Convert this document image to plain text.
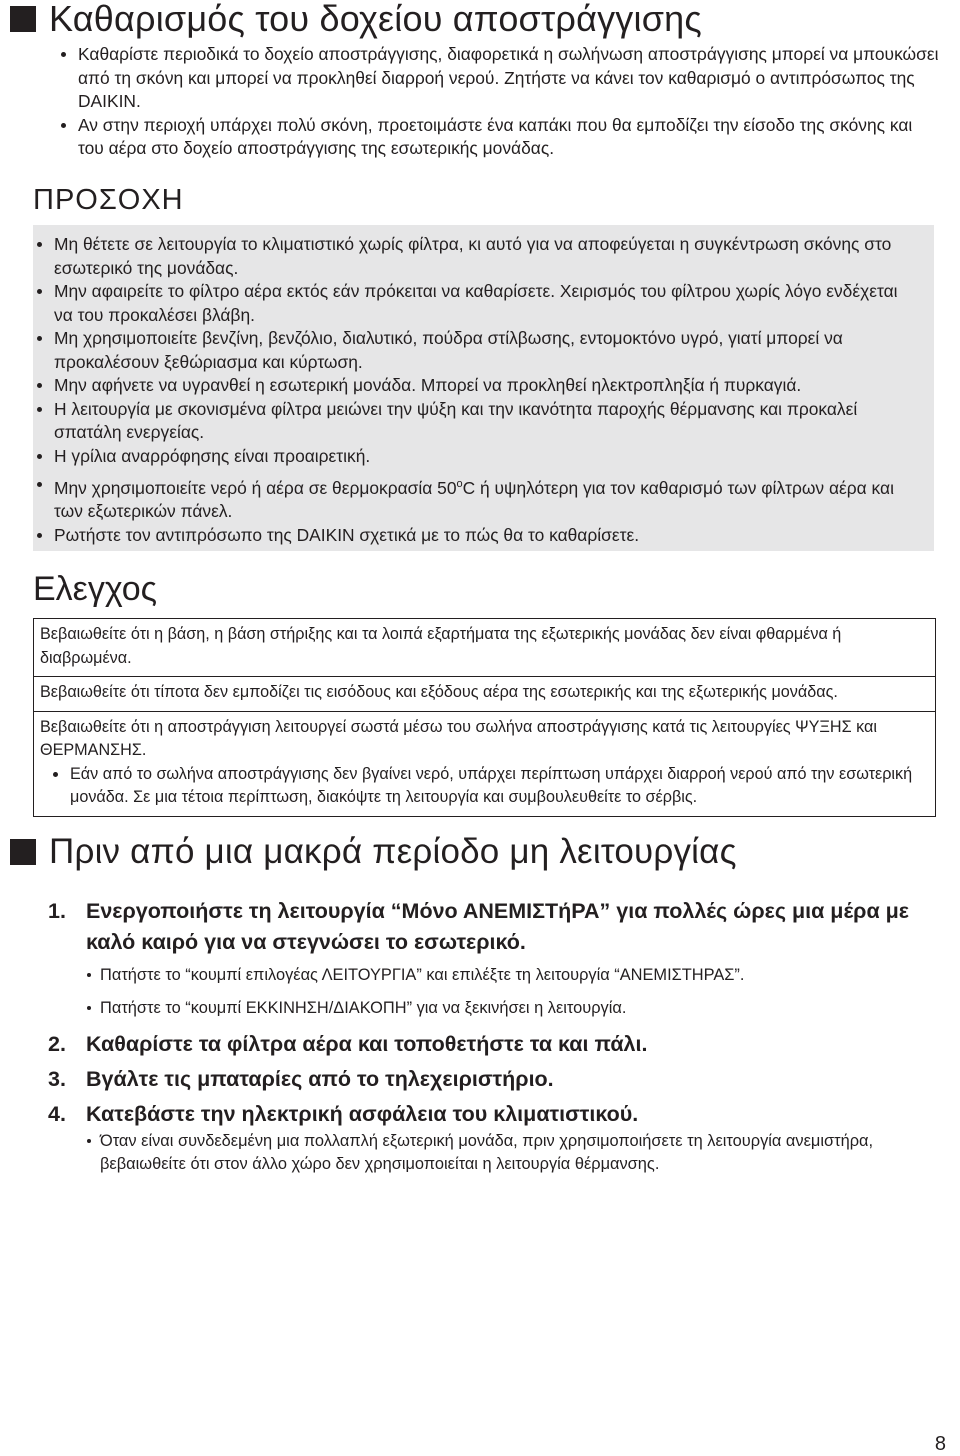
Καθαρισμός του δοχείου αποστράγγισης
Καθαρίστε περιοδικά το δοχείο αποστράγγισης, διαφορετικά η σωλήνωση αποστράγγισης μπορεί να μπουκώσει από τη σκόνη και μπορεί να προκληθεί διαρροή νερού. Ζητήστε να κάνει τον καθαρισμό ο αντιπρόσωπος της DAIKIN.
Αν στην περιοχή υπάρχει πολύ σκόνη, προετοιμάστε ένα καπάκι που θα εμποδίζει την είσοδο της σκόνης και του αέρα στο δοχείο αποστράγγισης της εσωτερικής μονάδας.
ΠΡΟΣΟΧΗ
Μη θέτετε σε λειτουργία το κλιματιστικό χωρίς φίλτρα, κι αυτό για να αποφεύγεται η συγκέντρωση σκόνης στο εσωτερικό της μονάδας.
Μην αφαιρείτε το φίλτρο αέρα εκτός εάν πρόκειται να καθαρίσετε. Χειρισμός του φίλτρου χωρίς λόγο ενδέχεται να του προκαλέσει βλάβη.
Μη χρησιμοποιείτε βενζίνη, βενζόλιο, διαλυτικό, πούδρα στίλβωσης, εντομοκτόνο υγρό, γιατί μπορεί να προκαλέσουν ξεθώριασμα και κύρτωση.
Μην αφήνετε να υγρανθεί η εσωτερική μονάδα. Μπορεί να προκληθεί ηλεκτροπληξία ή πυρκαγιά.
Η λειτουργία με σκονισμένα φίλτρα μειώνει την ψύξη και την ικανότητα παροχής θέρμανσης και προκαλεί σπατάλη ενεργείας.
Η γρίλια αναρρόφησης είναι προαιρετική.
Μην χρησιμοποιείτε νερό ή αέρα σε θερμοκρασία 50$^o$C ή υψηλότερη για τον καθαρισμό των φίλτρων αέρα και των εξωτερικών πάνελ.
Ρωτήστε τον αντιπρόσωπο της DAIKIN σχετικά με το πώς θα το καθαρίσετε.
Ελεγχος
Βεβαιωθείτε ότι η βάση, η βάση στήριξης και τα λοιπά εξαρτήματα της εξωτερικής μονάδας δεν είναι φθαρμένα ή διαβρωμένα.
Βεβαιωθείτε ότι τίποτα δεν εμποδίζει τις εισόδους και εξόδους αέρα της εσωτερικής και της εξωτερικής μονάδας.
Βεβαιωθείτε ότι η αποστράγγιση λειτουργεί σωστά μέσω του σωλήνα αποστράγγισης κατά τις λειτουργίες ΨΥΞΗΣ και ΘΕΡΜΑΝΣΗΣ.
Εάν από το σωλήνα αποστράγγισης δεν βγαίνει νερό, υπάρχει περίπτωση υπάρχει διαρροή νερού από την εσωτερική μονάδα. Σε μια τέτοια περίπτωση, διακόψτε τη λειτουργία και συμβουλευθείτε το σέρβις.
Πριν από μια μακρά περίοδο μη λειτουργίας
1. Ενεργοποιήστε τη λειτουργία “Μόνο ΑΝΕΜΙΣΤήΡΑ” για πολλές ώρες μια μέρα με καλό καιρό για να στεγνώσει το εσωτερικό.
Πατήστε το “κουμπί επιλογέας ΛΕΙΤΟΥΡΓΙΑ” και επιλέξτε τη λειτουργία “ΑΝΕΜΙΣΤΗΡΑΣ”.
Πατήστε το “κουμπί ΕΚΚΙΝΗΣΗ/ΔΙΑΚΟΠΗ” για να ξεκινήσει η λειτουργία.
2. Καθαρίστε τα φίλτρα αέρα και τοποθετήστε τα και πάλι.
3. Βγάλτε τις μπαταρίες από το τηλεχειριστήριο.
4. Κατεβάστε την ηλεκτρική ασφάλεια του κλιματιστικού.
Όταν είναι συνδεδεμένη μια πολλαπλή εξωτερική μονάδα, πριν χρησιμοποιήσετε τη λειτουργία ανεμιστήρα, βεβαιωθείτε ότι στον άλλο χώρο δεν χρησιμοποιείται η λειτουργία θέρμανσης.
8
